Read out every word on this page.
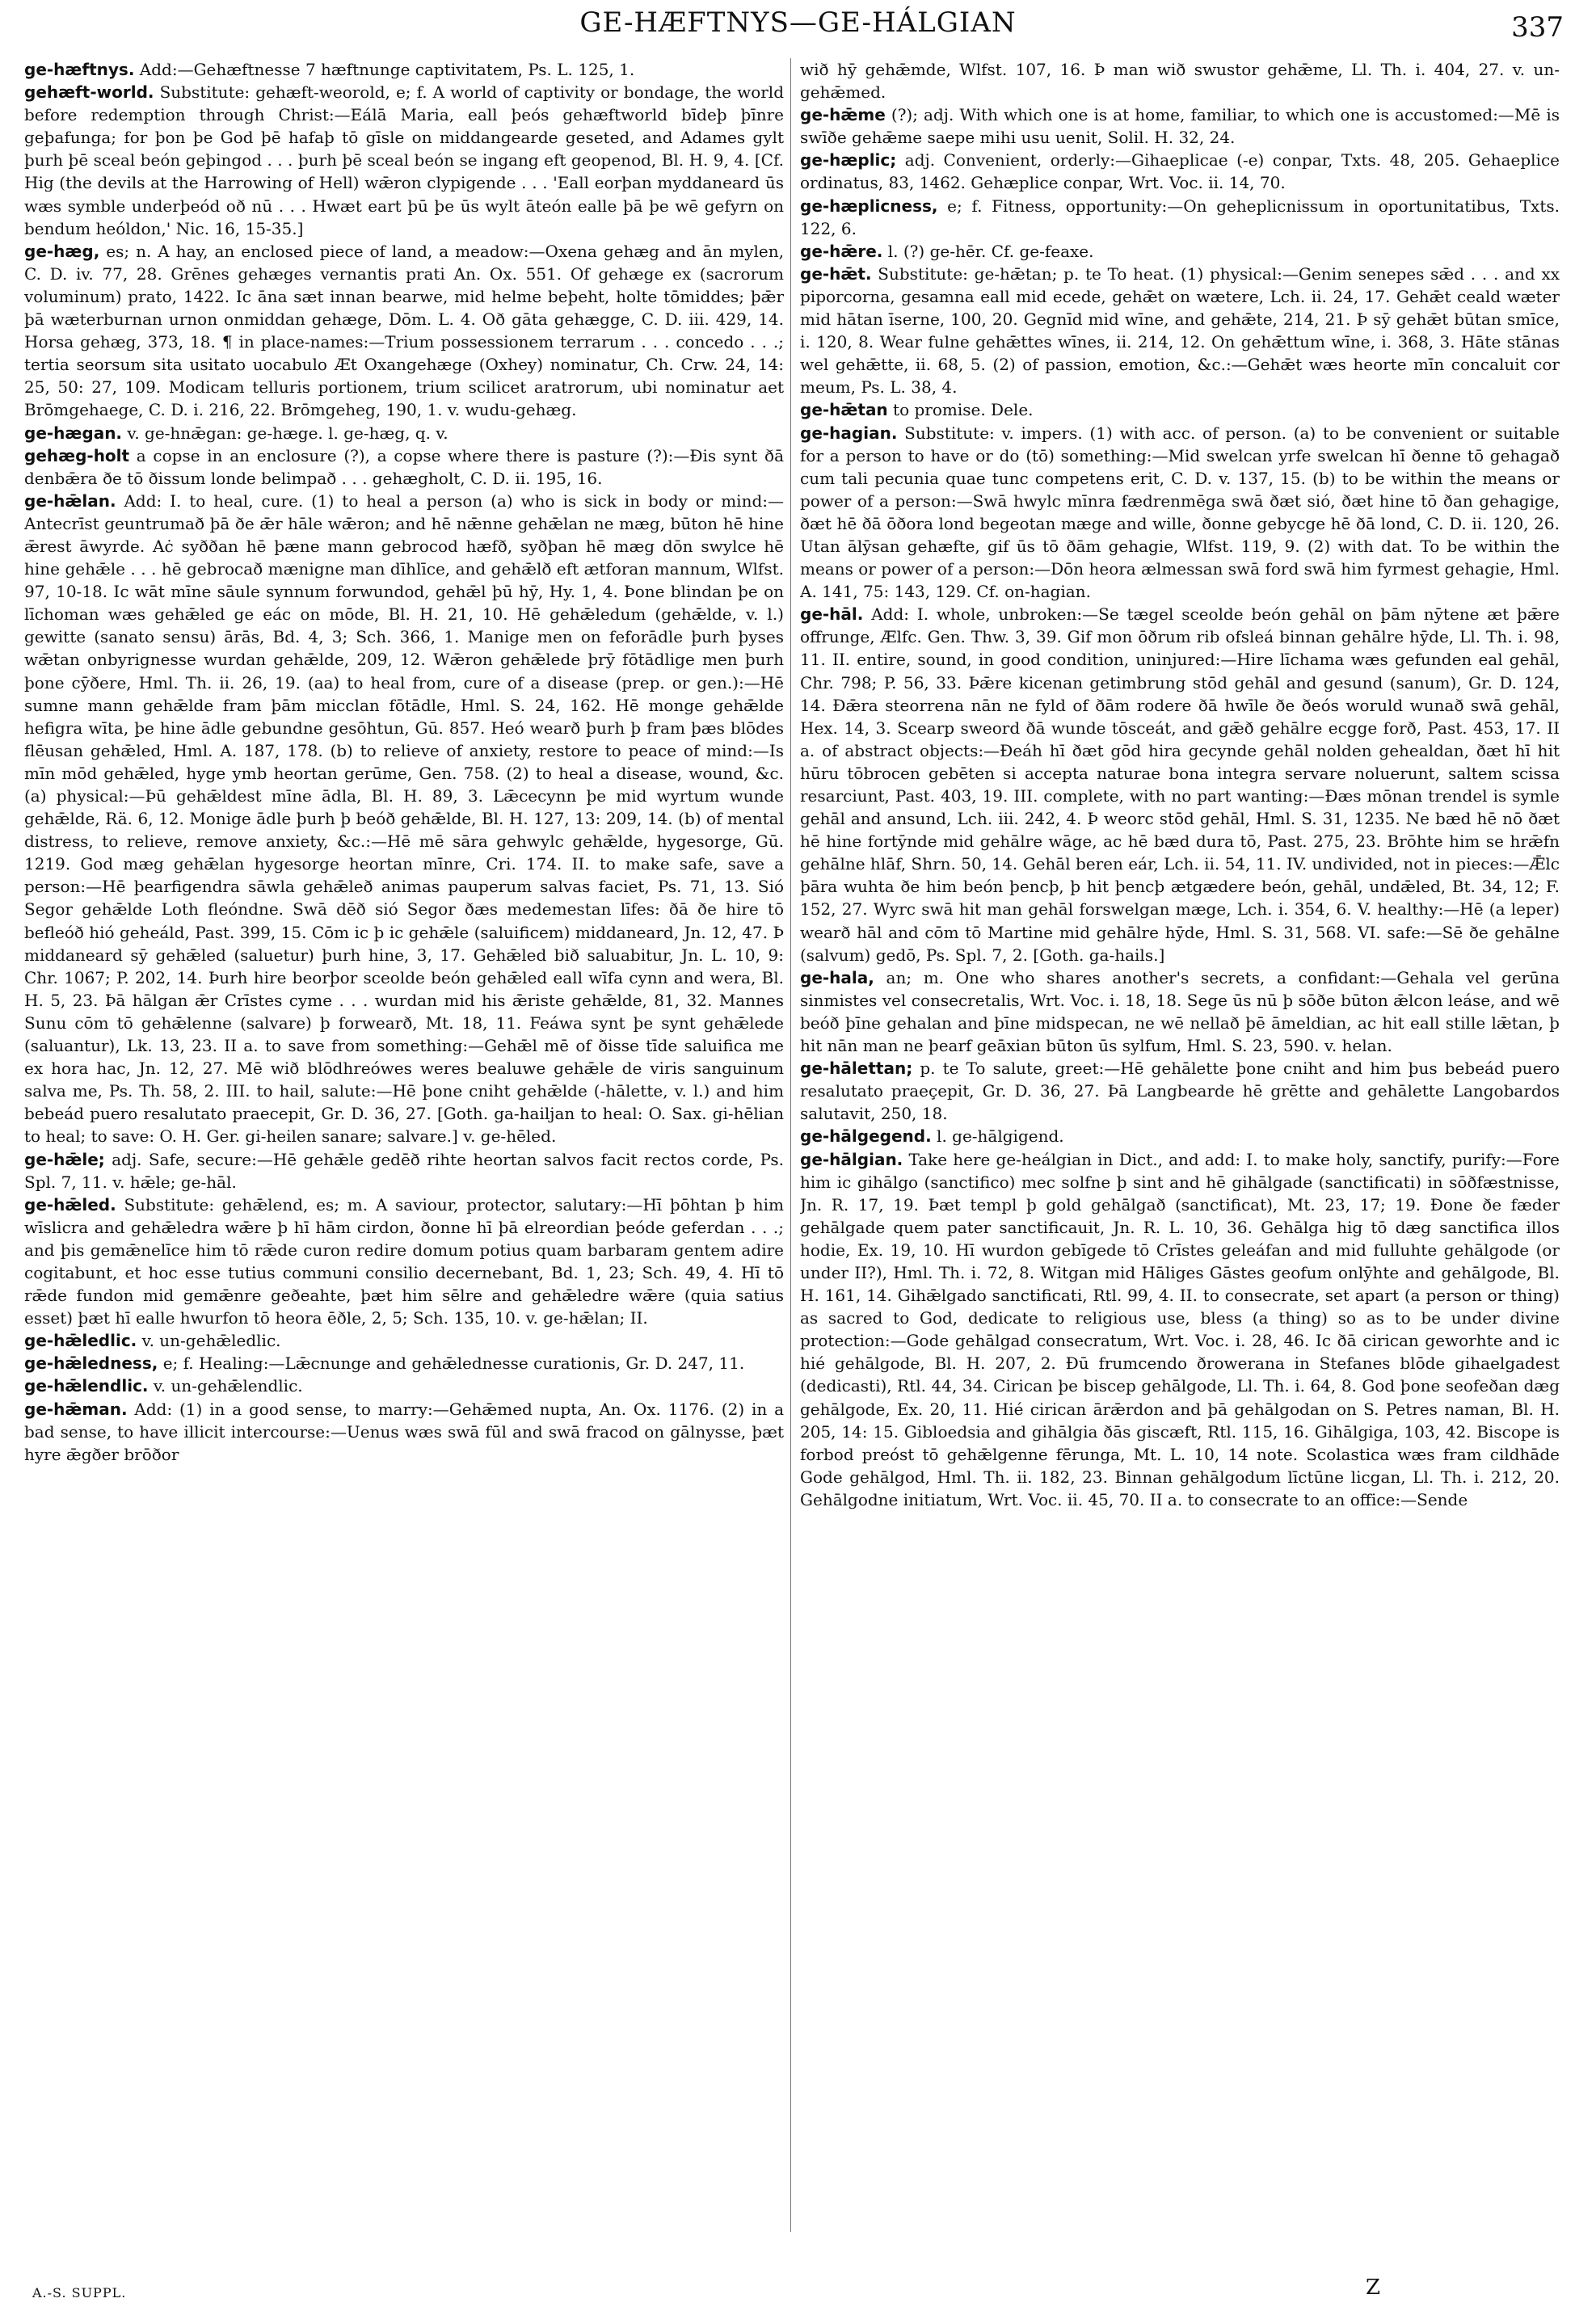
GE-HÆFTNYS—GE-HÁLGIAN	337

ge-hæftnys. Add:—Gehæftnesse 7 hæftnunge captivitatem, Ps. L. 125, 1.

gehæft-world. Substitute: gehæft-weorold, e; f. A world of captivity or bondage, the world before redemption through Christ:—Eálā Maria, eall þeós gehæftworld bīdeþ þīnre geþafunga; for þon þe God þē hafaþ tō gīsle on middangearde geseted, and Adames gylt þurh þē sceal beón geþingod . . . þurh þē sceal beón se ingang eft geopenod, Bl. H. 9, 4. [Cf. Hig (the devils at the Harrowing of Hell) wǣron clypigende . . . 'Eall eorþan myddaneard ūs wæs symble underþeód oð nū . . . Hwæt eart þū þe ūs wylt āteón ealle þā þe wē gefyrn on bendum heóldon,' Nic. 16, 15-35.]

ge-hæg, es; n. A hay, an enclosed piece of land, a meadow:—Oxena gehæg and ān mylen, C. D. iv. 77, 28. Grēnes gehæges vernantis prati An. Ox. 551. Of gehæge ex (sacrorum voluminum) prato, 1422. Ic āna sæt innan bearwe, mid helme beþeht, holte tōmiddes; þǣr þā wæterburnan urnon onmiddan gehæge, Dōm. L. 4. Oð gāta gehægge, C. D. iii. 429, 14. Horsa gehæg, 373, 18. ¶ in place-names:—Trium possessionem terrarum . . . concedo . . .; tertia seorsum sita usitato uocabulo Æt Oxangehæge (Oxhey) nominatur, Ch. Crw. 24, 14: 25, 50: 27, 109. Modicam telluris portionem, trium scilicet aratrorum, ubi nominatur aet Brōmgehaege, C. D. i. 216, 22. Brōmgeheg, 190, 1. v. wudu-gehæg.

ge-hægan. v. ge-hnǣgan: ge-hæge. l. ge-hæg, q. v.

gehæg-holt a copse in an enclosure (?), a copse where there is pasture (?):—Ðis synt ðā denbǣra ðe tō ðissum londe belimpað . . . gehægholt, C. D. ii. 195, 16.

ge-hǣlan. Add: I. to heal, cure. (1) to heal a person (a) who is sick in body or mind:—Antecrīst geuntrumað þā ðe ǣr hāle wǣron; and hē nǣnne gehǣlan ne mæg, būton hē hine ǣrest āwyrde. Aċ syððan hē þæne mann gebrocod hæfð, syðþan hē mæg dōn swylce hē hine gehǣle . . . hē gebrocað mænigne man dīhlīce, and gehǣlð eft ætforan mannum, Wlfst. 97, 10-18. Ic wāt mīne sāule synnum forwundod, gehǣl þū hȳ, Hy. 1, 4. Þone blindan þe on līchoman wæs gehǣled ge eác on mōde, Bl. H. 21, 10. Hē gehǣledum (gehǣlde, v. l.) gewitte (sanato sensu) ārās, Bd. 4, 3; Sch. 366, 1. Manige men on feforādle þurh þyses wǣtan onbyrignesse wurdan gehǣlde, 209, 12. Wǣron gehǣlede þrȳ fōtādlige men þurh þone cȳðere, Hml. Th. ii. 26, 19. (aa) to heal from, cure of a disease (prep. or gen.):—Hē sumne mann gehǣlde fram þām micclan fōtādle, Hml. S. 24, 162. Hē monge gehǣlde hefigra wīta, þe hine ādle gebundne gesōhtun, Gū. 857. Heó wearð þurh þ fram þæs blōdes flēusan gehǣled, Hml. A. 187, 178. (b) to relieve of anxiety, restore to peace of mind:—Is mīn mōd gehǣled, hyge ymb heortan gerūme, Gen. 758. (2) to heal a disease, wound, &c. (a) physical:—Þū gehǣldest mīne ādla, Bl. H. 89, 3. Lǣcecynn þe mid wyrtum wunde gehǣlde, Rä. 6, 12. Monige ādle þurh þ beóð gehǣlde, Bl. H. 127, 13: 209, 14. (b) of mental distress, to relieve, remove anxiety, &c.:—Hē mē sāra gehwylc gehǣlde, hygesorge, Gū. 1219. God mæg gehǣlan hygesorge heortan mīnre, Cri. 174. II. to make safe, save a person:—Hē þearfigendra sāwla gehǣleð animas pauperum salvas faciet, Ps. 71, 13. Sió Segor gehǣlde Loth fleóndne. Swā dēð sió Segor ðæs medemestan līfes: ðā ðe hire tō befleóð hió geheáld, Past. 399, 15. Cōm ic þ ic gehǣle (saluificem) middaneard, Jn. 12, 47. Þ middaneard sȳ gehǣled (saluetur) þurh hine, 3, 17. Gehǣled bið saluabitur, Jn. L. 10, 9: Chr. 1067; P. 202, 14. Þurh hire beorþor sceolde beón gehǣled eall wīfa cynn and wera, Bl. H. 5, 23. Þā hālgan ǣr Crīstes cyme . . . wurdan mid his ǣriste gehǣlde, 81, 32. Mannes Sunu cōm tō gehǣlenne (salvare) þ forwearð, Mt. 18, 11. Feáwa synt þe synt gehǣlede (saluantur), Lk. 13, 23. II a. to save from something:—Gehǣl mē of ðisse tīde saluifica me ex hora hac, Jn. 12, 27. Mē wið blōdhreówes weres bealuwe gehǣle de viris sanguinum salva me, Ps. Th. 58, 2. III. to hail, salute:—Hē þone cniht gehǣlde (-hālette, v. l.) and him bebeád puero resalutato praecepit, Gr. D. 36, 27. [Goth. ga-hailjan to heal: O. Sax. gi-hēlian to heal; to save: O. H. Ger. gi-heilen sanare; salvare.] v. ge-hēled.

ge-hǣle; adj. Safe, secure:—Hē gehǣle gedēð rihte heortan salvos facit rectos corde, Ps. Spl. 7, 11. v. hǣle; ge-hāl.

ge-hǣled. Substitute: gehǣlend, es; m. A saviour, protector, salutary:—Hī þōhtan þ him wīslicra and gehǣledra wǣre þ hī hām cirdon, ðonne hī þā elreordian þeóde geferdan . . .; and þis gemǣnelīce him tō rǣde curon redire domum potius quam barbaram gentem adire cogitabunt, et hoc esse tutius communi consilio decernebant, Bd. 1, 23; Sch. 49, 4. Hī tō rǣde fundon mid gemǣnre geðeahte, þæt him sēlre and gehǣledre wǣre (quia satius esset) þæt hī ealle hwurfon tō heora ēðle, 2, 5; Sch. 135, 10. v. ge-hǣlan; II.

ge-hǣledlic. v. un-gehǣledlic.

ge-hǣledness, e; f. Healing:—Lǣcnunge and gehǣlednesse curationis, Gr. D. 247, 11.

ge-hǣlendlic. v. un-gehǣlendlic.

ge-hǣman. Add: (1) in a good sense, to marry:—Gehǣmed nupta, An. Ox. 1176. (2) in a bad sense, to have illicit intercourse:—Uenus wæs swā fūl and swā fracod on gālnysse, þæt hyre ǣgðer brōðor

wið hȳ gehǣmde, Wlfst. 107, 16. Þ man wið swustor gehǣme, Ll. Th. i. 404, 27. v. un-gehǣmed.

ge-hǣme (?); adj. With which one is at home, familiar, to which one is accustomed:—Mē is swīðe gehǣme saepe mihi usu uenit, Solil. H. 32, 24.

ge-hæplic; adj. Convenient, orderly:—Gihaeplicae (-e) conpar, Txts. 48, 205. Gehaeplice ordinatus, 83, 1462. Gehæplice conpar, Wrt. Voc. ii. 14, 70.

ge-hæplicness, e; f. Fitness, opportunity:—On geheplicnissum in oportunitatibus, Txts. 122, 6.

ge-hǣre. l. (?) ge-hēr. Cf. ge-feaxe.

ge-hǣt. Substitute: ge-hǣtan; p. te To heat. (1) physical:—Genim senepes sǣd . . . and xx piporcorna, gesamna eall mid ecede, gehǣt on wætere, Lch. ii. 24, 17. Gehǣt ceald wæter mid hātan īserne, 100, 20. Gegnīd mid wīne, and gehǣte, 214, 21. Þ sȳ gehǣt būtan smīce, i. 120, 8. Wear fulne gehǣttes wīnes, ii. 214, 12. On gehǣttum wīne, i. 368, 3. Hāte stānas wel gehǣtte, ii. 68, 5. (2) of passion, emotion, &c.:—Gehǣt wæs heorte mīn concaluit cor meum, Ps. L. 38, 4.

ge-hǣtan to promise. Dele.

ge-hagian. Substitute: v. impers. (1) with acc. of person. (a) to be convenient or suitable for a person to have or do (tō) something:—Mid swelcan yrfe swelcan hī ðenne tō gehagað cum tali pecunia quae tunc competens erit, C. D. v. 137, 15. (b) to be within the means or power of a person:—Swā hwylc mīnra fædrenmēga swā ðæt sió, ðæt hine tō ðan gehagige, ðæt hē ðā ōðora lond begeotan mæge and wille, ðonne gebycge hē ðā lond, C. D. ii. 120, 26. Utan ālȳsan gehæfte, gif ūs tō ðām gehagie, Wlfst. 119, 9. (2) with dat. To be within the means or power of a person:—Dōn heora ælmessan swā ford swā him fyrmest gehagie, Hml. A. 141, 75: 143, 129. Cf. on-hagian.

ge-hāl. Add: I. whole, unbroken:—Se tægel sceolde beón gehāl on þām nȳtene æt þǣre offrunge, Ælfc. Gen. Thw. 3, 39. Gif mon ōðrum rib ofsleá binnan gehālre hȳde, Ll. Th. i. 98, 11. II. entire, sound, in good condition, uninjured:—Hire līchama wæs gefunden eal gehāl, Chr. 798; P. 56, 33. Þǣre kicenan getimbrung stōd gehāl and gesund (sanum), Gr. D. 124, 14. Ðǣra steorrena nān ne fyld of ðām rodere ðā hwīle ðe ðeós woruld wunað swā gehāl, Hex. 14, 3. Scearp sweord ðā wunde tōsceát, and gǣð gehālre ecgge forð, Past. 453, 17. II a. of abstract objects:—Ðeáh hī ðæt gōd hira gecynde gehāl nolden gehealdan, ðæt hī hit hūru tōbrocen gebēten si accepta naturae bona integra servare noluerunt, saltem scissa resarciunt, Past. 403, 19. III. complete, with no part wanting:—Ðæs mōnan trendel is symle gehāl and ansund, Lch. iii. 242, 4. Þ weorc stōd gehāl, Hml. S. 31, 1235. Ne bæd hē nō ðæt hē hine fortȳnde mid gehālre wāge, ac hē bæd dura tō, Past. 275, 23. Brōhte him se hrǣfn gehālne hlāf, Shrn. 50, 14. Gehāl beren eár, Lch. ii. 54, 11. IV. undivided, not in pieces:—Ǣlc þāra wuhta ðe him beón þencþ, þ hit þencþ ætgædere beón, gehāl, undǣled, Bt. 34, 12; F. 152, 27. Wyrc swā hit man gehāl forswelgan mæge, Lch. i. 354, 6. V. healthy:—Hē (a leper) wearð hāl and cōm tō Martine mid gehālre hȳde, Hml. S. 31, 568. VI. safe:—Sē ðe gehālne (salvum) gedō, Ps. Spl. 7, 2. [Goth. ga-hails.]

ge-hala, an; m. One who shares another's secrets, a confidant:—Gehala vel gerūna sinmistes vel consecretalis, Wrt. Voc. i. 18, 18. Sege ūs nū þ sōðe būton ǣlcon leáse, and wē beóð þīne gehalan and þīne midspecan, ne wē nellað þē āmeldian, ac hit eall stille lǣtan, þ hit nān man ne þearf geāxian būton ūs sylfum, Hml. S. 23, 590. v. helan.

ge-hālettan; p. te To salute, greet:—Hē gehālette þone cniht and him þus bebeád puero resalutato praeçepit, Gr. D. 36, 27. Þā Langbearde hē grētte and gehālette Langobardos salutavit, 250, 18.

ge-hālgegend. l. ge-hālgigend.

ge-hālgian. Take here ge-heálgian in Dict., and add: I. to make holy, sanctify, purify:—Fore him ic gihālgo (sanctifico) mec solfne þ sint and hē gihālgade (sanctificati) in sōðfæstnisse, Jn. R. 17, 19. Þæt templ þ gold gehālgað (sanctificat), Mt. 23, 17; 19. Ðone ðe fæder gehālgade quem pater sanctificauit, Jn. R. L. 10, 36. Gehālga hig tō dæg sanctifica illos hodie, Ex. 19, 10. Hī wurdon gebīgede tō Crīstes geleáfan and mid fulluhte gehālgode (or under II?), Hml. Th. i. 72, 8. Witgan mid Hāliges Gāstes geofum onlȳhte and gehālgode, Bl. H. 161, 14. Gihǣlgado sanctificati, Rtl. 99, 4. II. to consecrate, set apart (a person or thing) as sacred to God, dedicate to religious use, bless (a thing) so as to be under divine protection:—Gode gehālgad consecratum, Wrt. Voc. i. 28, 46. Ic ðā cirican geworhte and ic hié gehālgode, Bl. H. 207, 2. Ðū frumcendo ðrowerana in Stefanes blōde gihaelgadest (dedicasti), Rtl. 44, 34. Cirican þe biscep gehālgode, Ll. Th. i. 64, 8. God þone seofeðan dæg gehālgode, Ex. 20, 11. Hié cirican ārǣrdon and þā gehālgodan on S. Petres naman, Bl. H. 205, 14: 15. Gibloedsia and gihālgia ðās giscæft, Rtl. 115, 16. Gihālgiga, 103, 42. Biscope is forbod preóst tō gehǣlgenne fērunga, Mt. L. 10, 14 note. Scolastica wæs fram cildhāde Gode gehālgod, Hml. Th. ii. 182, 23. Binnan gehālgodum līctūne licgan, Ll. Th. i. 212, 20. Gehālgodne initiatum, Wrt. Voc. ii. 45, 70. II a. to consecrate to an office:—Sende

A.-S. SUPPL.	Z
